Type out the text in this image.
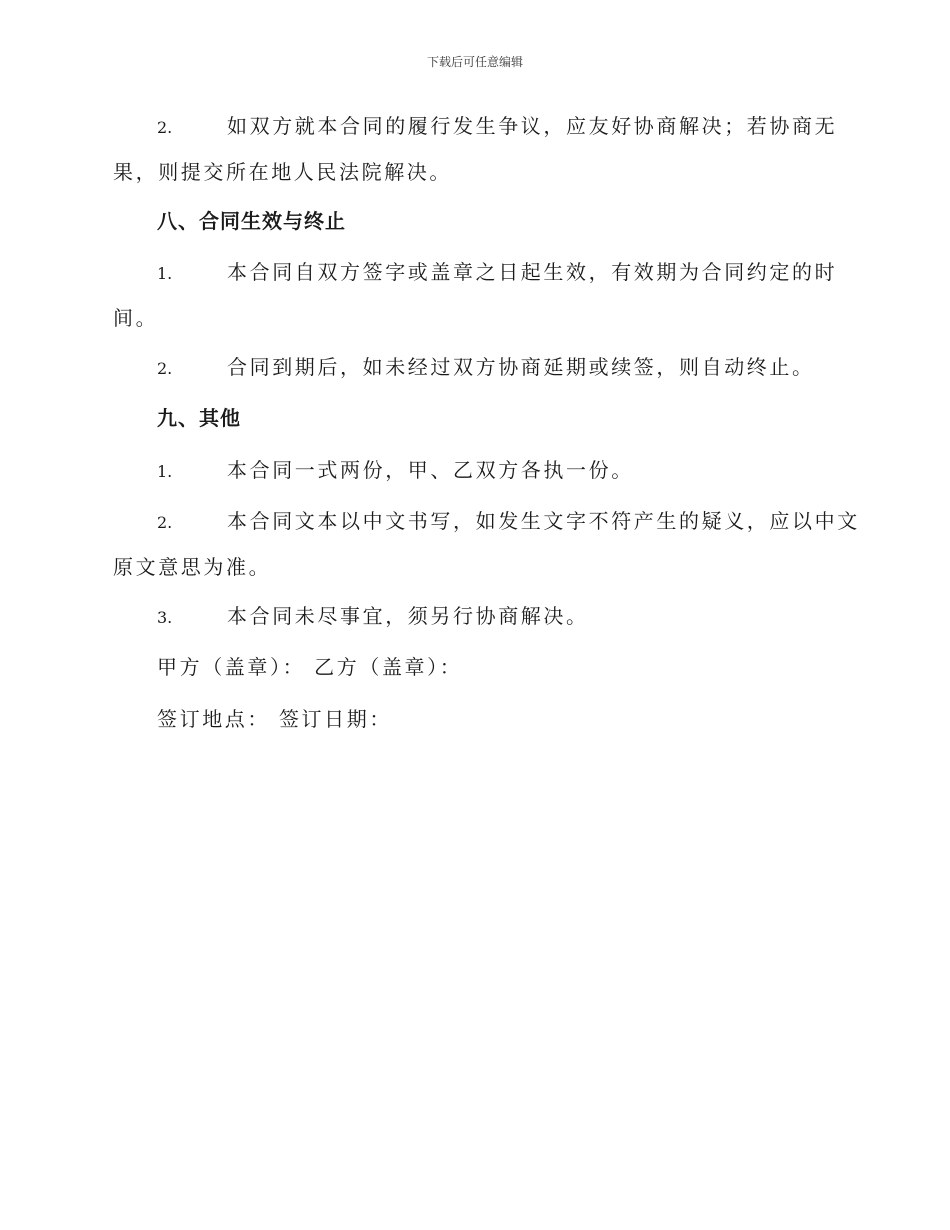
下载后可任意编辑
2.	如双方就本合同的履行发生争议，应友好协商解决；若协商无
果，则提交所在地人民法院解决。
八、合同生效与终止
1.	本合同自双方签字或盖章之日起生效，有效期为合同约定的时
间。
2.	合同到期后，如未经过双方协商延期或续签，则自动终止。
九、其他
1.	本合同一式两份，甲、乙双方各执一份。
2.	本合同文本以中文书写，如发生文字不符产生的疑义，应以中文
原文意思为准。
3.	本合同未尽事宜，须另行协商解决。
甲方（盖章）： 乙方（盖章）：
签订地点： 签订日期：
